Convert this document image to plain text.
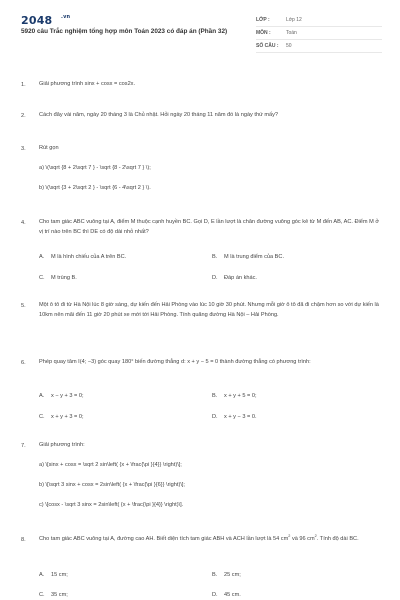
2048 .vn
5920 câu Trắc nghiệm tổng hợp môn Toán 2023 có đáp án (Phần 32)
LỚP :	Lớp 12
MÔN :	Toán
SỐ CÂU : 50
1. Giải phương trình sinx + cosx = cos2x.
2. Cách đây vài năm, ngày 20 tháng 3 là Chủ nhật. Hỏi ngày 20 tháng 11 năm đó là ngày thứ mấy?
3. Rút gọn
a) \(\sqrt {8 + 2\sqrt 7 } - \sqrt {8 - 2\sqrt 7 } \);
b) \(\sqrt {3 + 2\sqrt 2 } - \sqrt {6 - 4\sqrt 2 } \).
4. Cho tam giác ABC vuông tại A, điểm M thuộc cạnh huyền BC. Gọi D, E lần lượt là chân đường vuông góc kẻ từ M đến AB, AC. Điểm M ở vị trí nào trên BC thì DE có độ dài nhỏ nhất?
A. M là hình chiếu của A trên BC.	B. M là trung điểm của BC.
C. M trùng B.	D. Đáp án khác.
5. Một ô tô đi từ Hà Nội lúc 8 giờ sáng, dự kiến đến Hải Phòng vào lúc 10 giờ 30 phút. Nhưng mỗi giờ ô tô đã đi chậm hơn so với dự kiến là 10km nên mãi đến 11 giờ 20 phút xe mới tới Hải Phòng. Tính quãng đường Hà Nội – Hải Phòng.
6. Phép quay tâm I(4; −3) góc quay 180° biến đường thẳng d: x + y − 5 = 0 thành đường thẳng có phương trình:
A. x − y + 3 = 0;	B. x + y + 5 = 0;
C. x + y + 3 = 0;	D. x + y − 3 = 0.
7. Giải phương trình:
a) \[sinx + cosx = \sqrt 2 sin\left( {x + \frac{\pi }{4}} \right)\];
b) \[\sqrt 3 sinx + cosx = 2sin\left( {x + \frac{\pi }{6}} \right)\];
c) \[cosx - \sqrt 3 sinx = 2sin\left( {x + \frac{\pi }{4}} \right)\].
8. Cho tam giác ABC vuông tại A, đường cao AH. Biết diện tích tam giác ABH và ACH lần lượt là 54 $cm^2$ và 96 $cm^2$. Tính độ dài BC.
A. 15 cm;	B. 25 cm;
C. 35 cm;	D. 45 cm.
